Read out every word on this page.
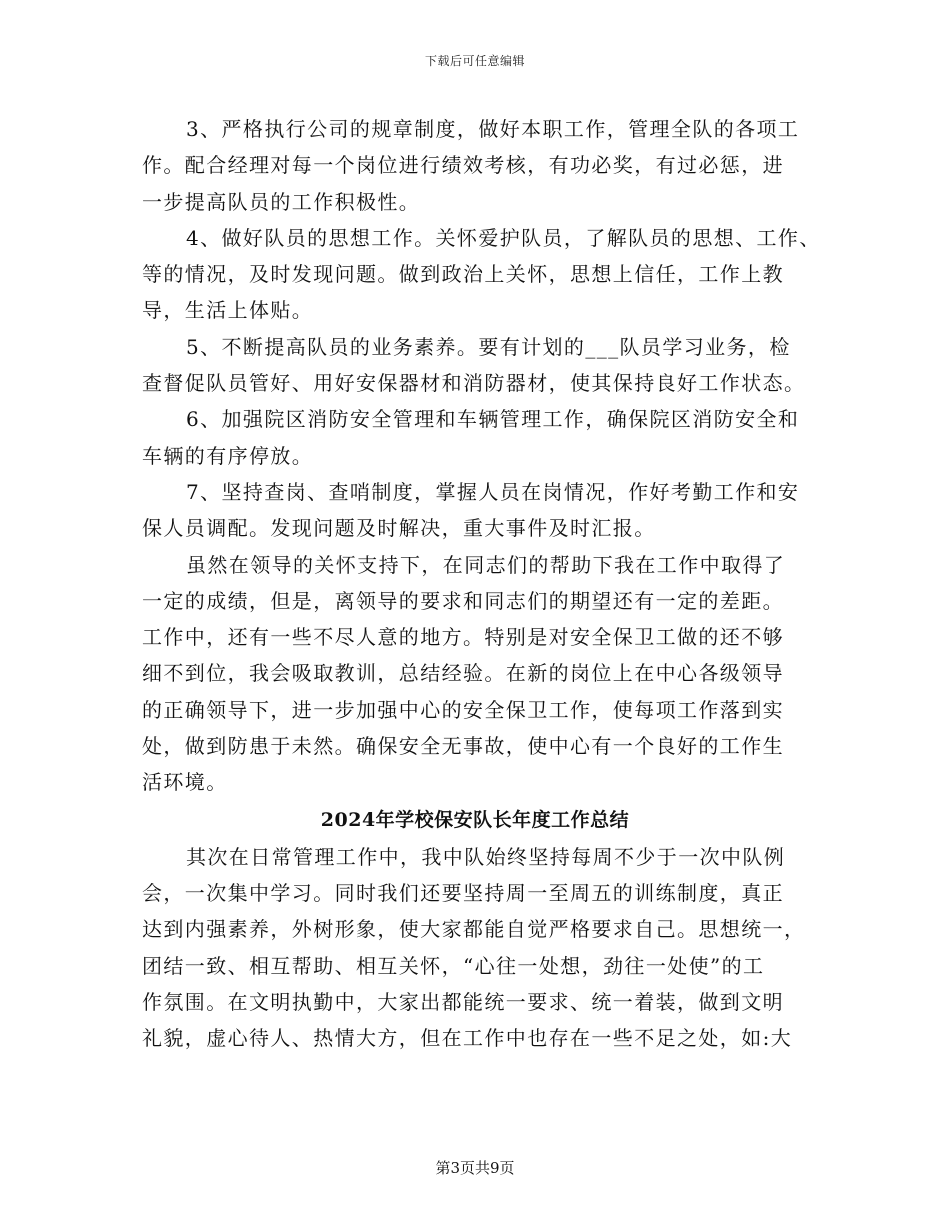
下载后可任意编辑
3、严格执行公司的规章制度，做好本职工作，管理全队的各项工
作。配合经理对每一个岗位进行绩效考核，有功必奖，有过必惩，进
一步提高队员的工作积极性。
4、做好队员的思想工作。关怀爱护队员，了解队员的思想、工作、
等的情况，及时发现问题。做到政治上关怀，思想上信任，工作上教
导，生活上体贴。
5、不断提高队员的业务素养。要有计划的___队员学习业务，检
查督促队员管好、用好安保器材和消防器材，使其保持良好工作状态。
6、加强院区消防安全管理和车辆管理工作，确保院区消防安全和
车辆的有序停放。
7、坚持查岗、查哨制度，掌握人员在岗情况，作好考勤工作和安
保人员调配。发现问题及时解决，重大事件及时汇报。
虽然在领导的关怀支持下，在同志们的帮助下我在工作中取得了
一定的成绩，但是，离领导的要求和同志们的期望还有一定的差距。
工作中，还有一些不尽人意的地方。特别是对安全保卫工做的还不够
细不到位，我会吸取教训，总结经验。在新的岗位上在中心各级领导
的正确领导下，进一步加强中心的安全保卫工作，使每项工作落到实
处，做到防患于未然。确保安全无事故，使中心有一个良好的工作生
活环境。
2024年学校保安队长年度工作总结
其次在日常管理工作中，我中队始终坚持每周不少于一次中队例
会，一次集中学习。同时我们还要坚持周一至周五的训练制度，真正
达到内强素养，外树形象，使大家都能自觉严格要求自己。思想统一，
团结一致、相互帮助、相互关怀，“心往一处想，劲往一处使”的工
作氛围。在文明执勤中，大家出都能统一要求、统一着装，做到文明
礼貌，虚心待人、热情大方，但在工作中也存在一些不足之处，如:大
第3页共9页
